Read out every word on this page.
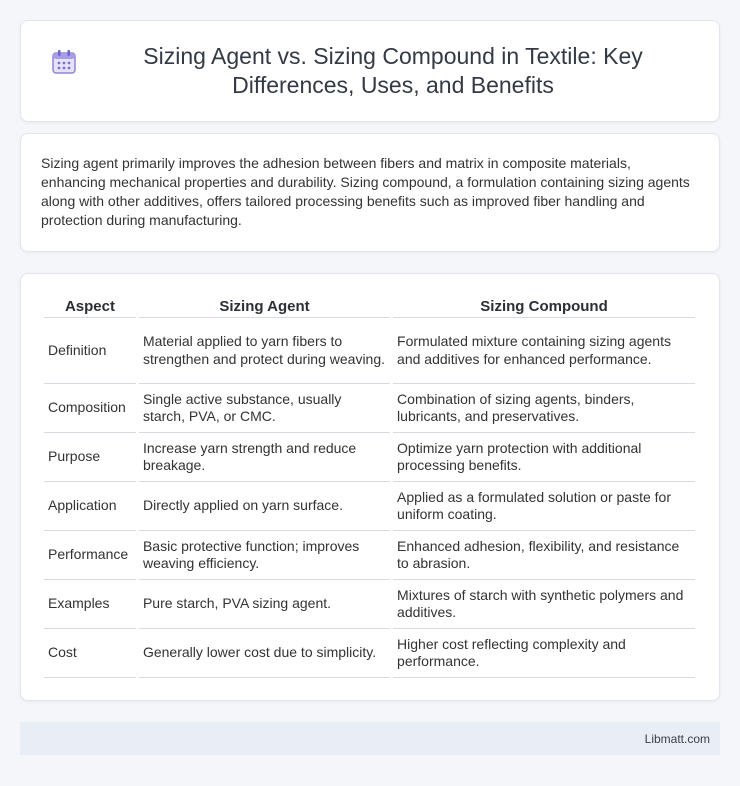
Sizing Agent vs. Sizing Compound in Textile: Key Differences, Uses, and Benefits

Sizing agent primarily improves the adhesion between fibers and matrix in composite materials, enhancing mechanical properties and durability. Sizing compound, a formulation containing sizing agents along with other additives, offers tailored processing benefits such as improved fiber handling and protection during manufacturing.

Aspect	Sizing Agent	Sizing Compound
Definition	Material applied to yarn fibers to strengthen and protect during weaving.	Formulated mixture containing sizing agents and additives for enhanced performance.
Composition	Single active substance, usually starch, PVA, or CMC.	Combination of sizing agents, binders, lubricants, and preservatives.
Purpose	Increase yarn strength and reduce breakage.	Optimize yarn protection with additional processing benefits.
Application	Directly applied on yarn surface.	Applied as a formulated solution or paste for uniform coating.
Performance	Basic protective function; improves weaving efficiency.	Enhanced adhesion, flexibility, and resistance to abrasion.
Examples	Pure starch, PVA sizing agent.	Mixtures of starch with synthetic polymers and additives.
Cost	Generally lower cost due to simplicity.	Higher cost reflecting complexity and performance.
Libmatt.com
